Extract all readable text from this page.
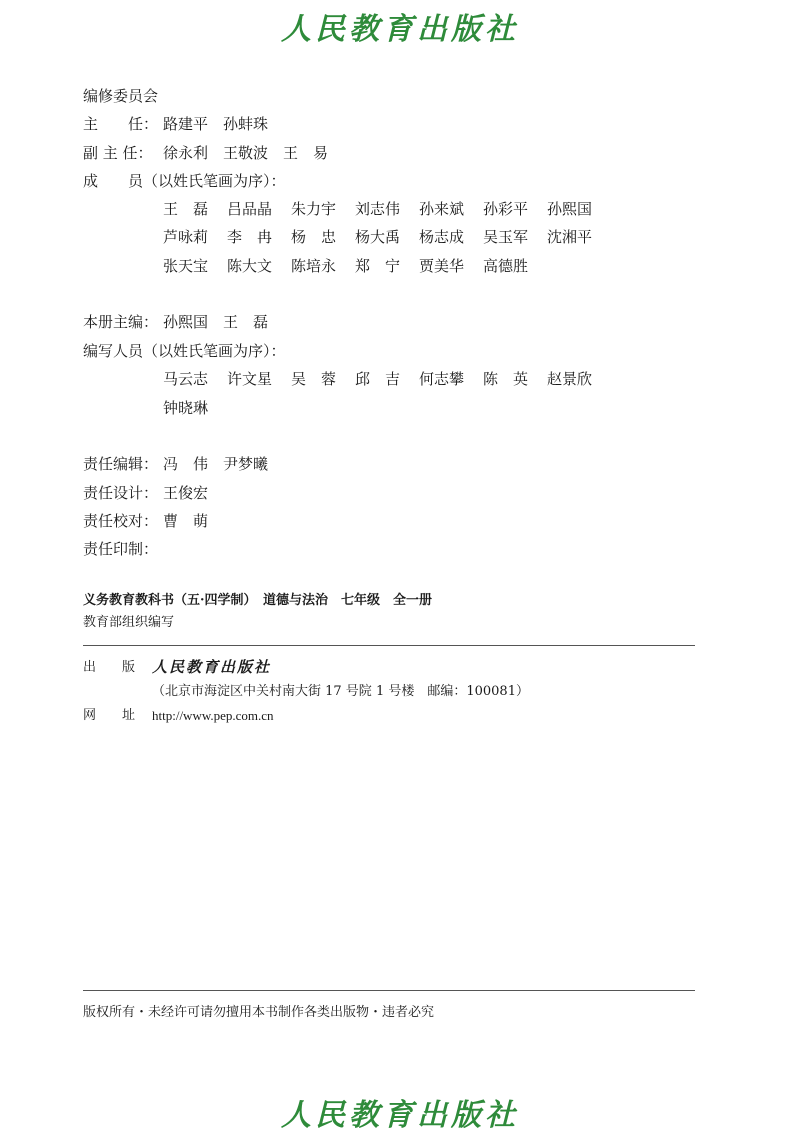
人民教育出版社
编修委员会
主　　任： 路建平　孙蚌珠
副 主 任： 徐永利　王敬波　王　易
成　　员（以姓氏笔画为序）：
王　磊 吕品晶 朱力宇 刘志伟 孙来斌 孙彩平 孙熙国
芦咏莉 李　冉 杨　忠 杨大禹 杨志成 吴玉军 沈湘平
张天宝 陈大文 陈培永 郑　宁 贾美华 高德胜
本册主编： 孙熙国　王　磊
编写人员（以姓氏笔画为序）：
马云志 许文星 吴　蓉 邱　吉 何志攀 陈　英 赵景欣
钟晓琳
责任编辑： 冯　伟　尹梦曦
责任设计： 王俊宏
责任校对： 曹　萌
责任印制：
义务教育教科书（五·四学制）　道德与法治　七年级　全一册
教育部组织编写
出　　版 人民教育出版社
（北京市海淀区中关村南大街 17 号院 1 号楼　邮编：100081）
网　　址 http://www.pep.com.cn
版权所有・未经许可请勿擅用本书制作各类出版物・违者必究
人民教育出版社
